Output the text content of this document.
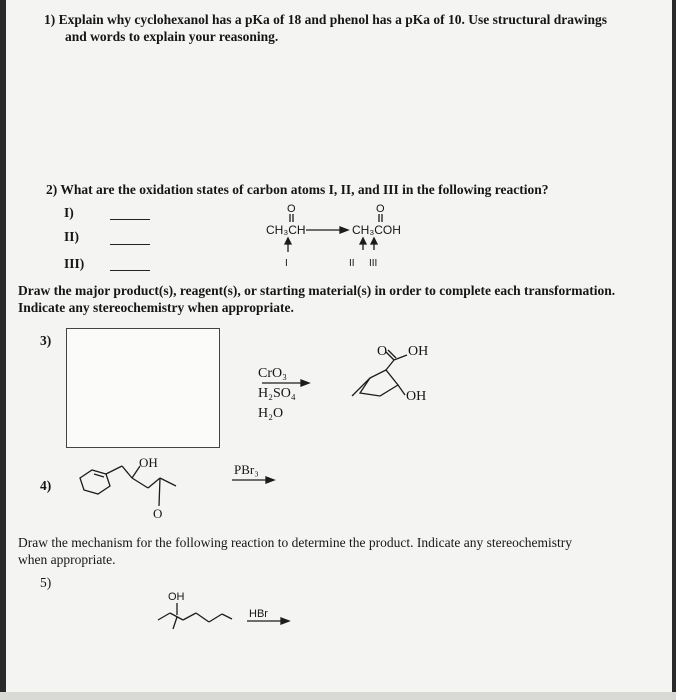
1) Explain why cyclohexanol has a pKa of 18 and phenol has a pKa of 10. Use structural drawings
and words to explain your reasoning.
2) What are the oxidation states of carbon atoms I, II, and III in the following reaction?
I)
II)
III)
O	O
CH₃CH	CH₃COH
I	II III
Draw the major product(s), reagent(s), or starting material(s) in order to complete each transformation.
Indicate any stereochemistry when appropriate.
3)
CrO₃
H₂SO₄
H₂O
O OH
OH
4)
OH
O
PBr₃
Draw the mechanism for the following reaction to determine the product. Indicate any stereochemistry
when appropriate.
5)
OH
HBr
